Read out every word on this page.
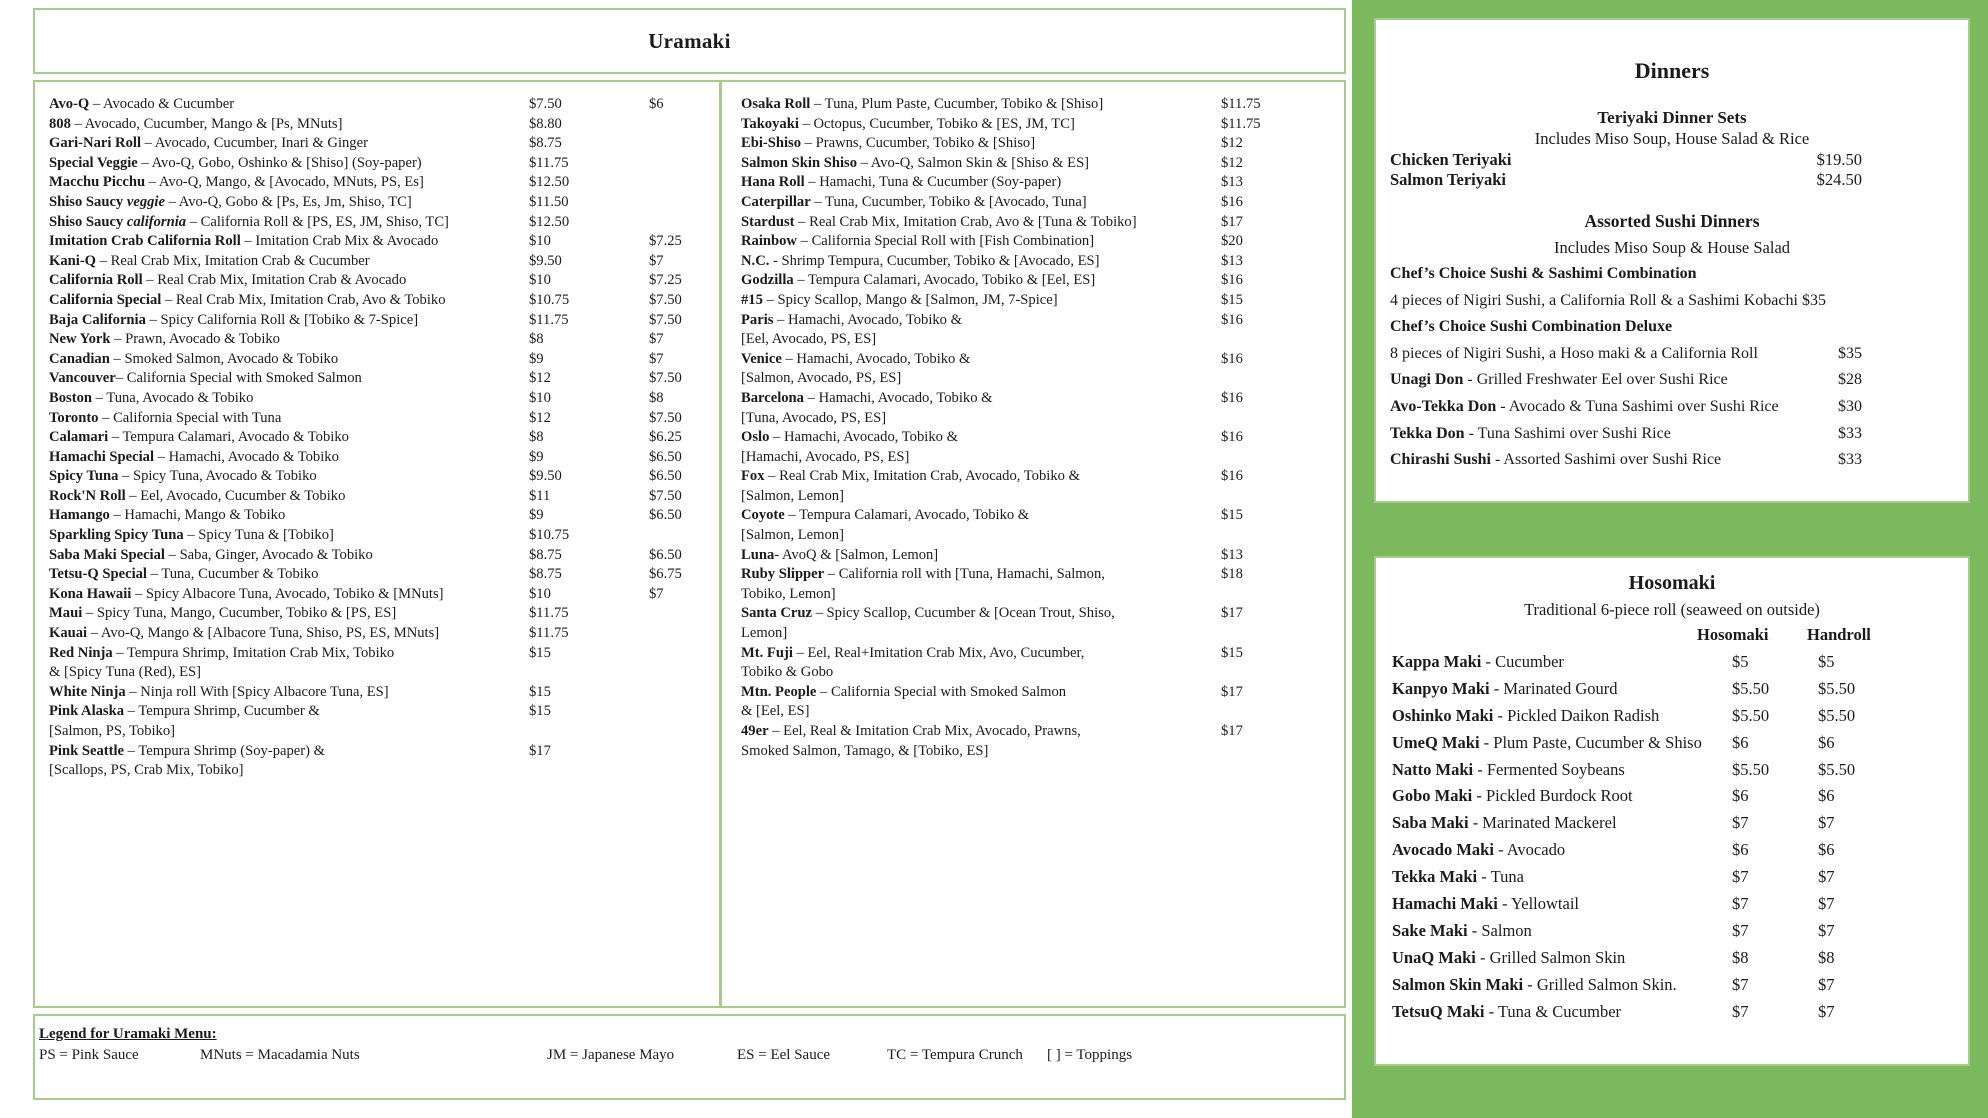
Uramaki
Avo-Q – Avocado & Cucumber	$7.50	$6
808 – Avocado, Cucumber, Mango & [Ps, MNuts]	$8.80
Gari-Nari Roll – Avocado, Cucumber, Inari & Ginger	$8.75
Special Veggie – Avo-Q, Gobo, Oshinko & [Shiso] (Soy-paper)	$11.75
Macchu Picchu – Avo-Q, Mango, & [Avocado, MNuts, PS, Es]	$12.50
Shiso Saucy veggie – Avo-Q, Gobo & [Ps, Es, Jm, Shiso, TC]	$11.50
Shiso Saucy california – California Roll & [PS, ES, JM, Shiso, TC]	$12.50
Imitation Crab California Roll – Imitation Crab Mix & Avocado	$10	$7.25
Kani-Q – Real Crab Mix, Imitation Crab & Cucumber	$9.50	$7
California Roll – Real Crab Mix, Imitation Crab & Avocado	$10	$7.25
California Special – Real Crab Mix, Imitation Crab, Avo & Tobiko	$10.75	$7.50
Baja California – Spicy California Roll & [Tobiko & 7-Spice]	$11.75	$7.50
New York – Prawn, Avocado & Tobiko	$8	$7
Canadian – Smoked Salmon, Avocado & Tobiko	$9	$7
Vancouver– California Special with Smoked Salmon	$12	$7.50
Boston – Tuna, Avocado & Tobiko	$10	$8
Toronto – California Special with Tuna	$12	$7.50
Calamari – Tempura Calamari, Avocado & Tobiko	$8	$6.25
Hamachi Special – Hamachi, Avocado & Tobiko	$9	$6.50
Spicy Tuna – Spicy Tuna, Avocado & Tobiko	$9.50	$6.50
Rock'N Roll – Eel, Avocado, Cucumber & Tobiko	$11	$7.50
Hamango – Hamachi, Mango & Tobiko	$9	$6.50
Sparkling Spicy Tuna – Spicy Tuna & [Tobiko]	$10.75
Saba Maki Special – Saba, Ginger, Avocado & Tobiko	$8.75	$6.50
Tetsu-Q Special – Tuna, Cucumber & Tobiko	$8.75	$6.75
Kona Hawaii – Spicy Albacore Tuna, Avocado, Tobiko & [MNuts]	$10	$7
Maui – Spicy Tuna, Mango, Cucumber, Tobiko & [PS, ES]	$11.75
Kauai – Avo-Q, Mango & [Albacore Tuna, Shiso, PS, ES, MNuts]	$11.75
Red Ninja – Tempura Shrimp, Imitation Crab Mix, Tobiko	$15
& [Spicy Tuna (Red), ES]
White Ninja – Ninja roll With [Spicy Albacore Tuna, ES]	$15
Pink Alaska – Tempura Shrimp, Cucumber &	$15
[Salmon, PS, Tobiko]
Pink Seattle – Tempura Shrimp (Soy-paper) &	$17
[Scallops, PS, Crab Mix, Tobiko]
Osaka Roll – Tuna, Plum Paste, Cucumber, Tobiko & [Shiso]	$11.75
Takoyaki – Octopus, Cucumber, Tobiko & [ES, JM, TC]	$11.75
Ebi-Shiso – Prawns, Cucumber, Tobiko & [Shiso]	$12
Salmon Skin Shiso – Avo-Q, Salmon Skin & [Shiso & ES]	$12
Hana Roll – Hamachi, Tuna & Cucumber (Soy-paper)	$13
Caterpillar – Tuna, Cucumber, Tobiko & [Avocado, Tuna]	$16
Stardust – Real Crab Mix, Imitation Crab, Avo & [Tuna & Tobiko]	$17
Rainbow – California Special Roll with [Fish Combination]	$20
N.C. - Shrimp Tempura, Cucumber, Tobiko & [Avocado, ES]	$13
Godzilla – Tempura Calamari, Avocado, Tobiko & [Eel, ES]	$16
#15 – Spicy Scallop, Mango & [Salmon, JM, 7-Spice]	$15
Paris – Hamachi, Avocado, Tobiko &	$16
[Eel, Avocado, PS, ES]
Venice – Hamachi, Avocado, Tobiko &	$16
[Salmon, Avocado, PS, ES]
Barcelona – Hamachi, Avocado, Tobiko &	$16
[Tuna, Avocado, PS, ES]
Oslo – Hamachi, Avocado, Tobiko &	$16
[Hamachi, Avocado, PS, ES]
Fox – Real Crab Mix, Imitation Crab, Avocado, Tobiko &	$16
[Salmon, Lemon]
Coyote – Tempura Calamari, Avocado, Tobiko &	$15
[Salmon, Lemon]
Luna- AvoQ & [Salmon, Lemon]	$13
Ruby Slipper – California roll with [Tuna, Hamachi, Salmon,	$18
Tobiko, Lemon]
Santa Cruz – Spicy Scallop, Cucumber & [Ocean Trout, Shiso,	$17
Lemon]
Mt. Fuji – Eel, Real+Imitation Crab Mix, Avo, Cucumber,	$15
Tobiko & Gobo
Mtn. People – California Special with Smoked Salmon	$17
& [Eel, ES]
49er – Eel, Real & Imitation Crab Mix, Avocado, Prawns,	$17
Smoked Salmon, Tamago, & [Tobiko, ES]
Legend for Uramaki Menu:
PS = Pink Sauce	MNuts = Macadamia Nuts	JM = Japanese Mayo	ES = Eel Sauce	TC = Tempura Crunch [ ] = Toppings
Dinners
Teriyaki Dinner Sets
Includes Miso Soup, House Salad & Rice
Chicken Teriyaki	$19.50
Salmon Teriyaki	$24.50
Assorted Sushi Dinners
Includes Miso Soup & House Salad
Chef’s Choice Sushi & Sashimi Combination
4 pieces of Nigiri Sushi, a California Roll & a Sashimi Kobachi $35
Chef’s Choice Sushi Combination Deluxe
8 pieces of Nigiri Sushi, a Hoso maki & a California Roll	$35
Unagi Don - Grilled Freshwater Eel over Sushi Rice	$28
Avo-Tekka Don - Avocado & Tuna Sashimi over Sushi Rice	$30
Tekka Don - Tuna Sashimi over Sushi Rice	$33
Chirashi Sushi - Assorted Sashimi over Sushi Rice	$33
Hosomaki
Traditional 6-piece roll (seaweed on outside)
Hosomaki	Handroll
Kappa Maki - Cucumber	$5	$5
Kanpyo Maki - Marinated Gourd	$5.50	$5.50
Oshinko Maki - Pickled Daikon Radish	$5.50	$5.50
UmeQ Maki - Plum Paste, Cucumber & Shiso	$6	$6
Natto Maki - Fermented Soybeans	$5.50	$5.50
Gobo Maki - Pickled Burdock Root	$6	$6
Saba Maki - Marinated Mackerel	$7	$7
Avocado Maki - Avocado	$6	$6
Tekka Maki - Tuna	$7	$7
Hamachi Maki - Yellowtail	$7	$7
Sake Maki - Salmon	$7	$7
UnaQ Maki - Grilled Salmon Skin	$8	$8
Salmon Skin Maki - Grilled Salmon Skin.	$7	$7
TetsuQ Maki - Tuna & Cucumber	$7	$7
